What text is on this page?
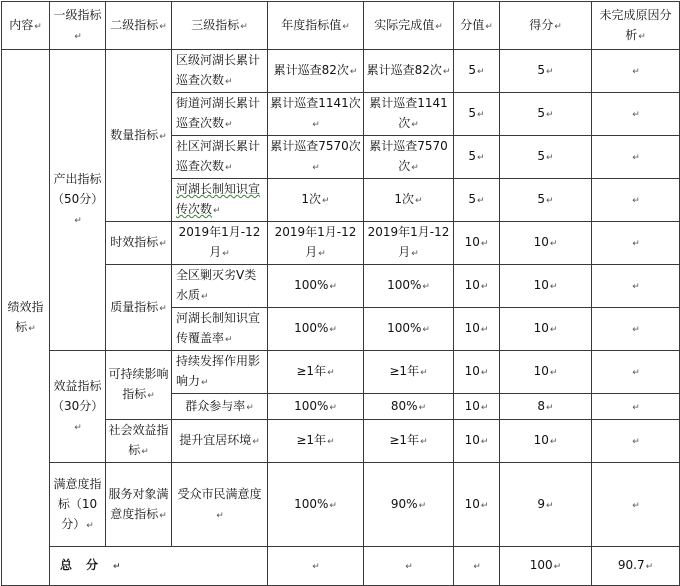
内容↵	一级指标↵	二级指标↵	三级指标↵	年度指标值↵	实际完成值↵	分值↵	得分↵	未完成原因分析↵	
绩效指标↵	产出指标（50分）↵	数量指标↵	区级河湖长累计巡查次数↵	累计巡查82次↵	累计巡查82次↵	5↵	5↵	↵	
			街道河湖长累计巡查次数↵	累计巡查1141次↵	累计巡查1141次↵	5↵	5↵	↵	
			社区河湖长累计巡查次数↵	累计巡查7570次↵	累计巡查7570次↵	5↵	5↵	↵	
			河湖长制知识宣传次数↵	1次↵	1次↵	5↵	5↵	↵	
		时效指标↵	2019年1月-12月↵	2019年1月-12月↵	2019年1月-12月↵	10↵	10↵	↵	
		质量指标↵	全区剿灭劣V类水质↵	100%↵	100%↵	10↵	10↵	↵	
			河湖长制知识宣传覆盖率↵	100%↵	100%↵	10↵	10↵	↵	
	效益指标（30分）↵	可持续影响指标↵	持续发挥作用影响力↵	≥1年↵	≥1年↵	10↵	10↵	↵	
			群众参与率↵	100%↵	80%↵	10↵	8↵	↵	
		社会效益指标↵	提升宜居环境↵	≥1年↵	≥1年↵	10↵	10↵	↵	
	满意度指标（10分）↵	服务对象满意度指标↵	受众市民满意度↵	100%↵	90%↵	10↵	9↵	↵	
	总分↵			↵	↵	↵	100↵	90.7↵	
